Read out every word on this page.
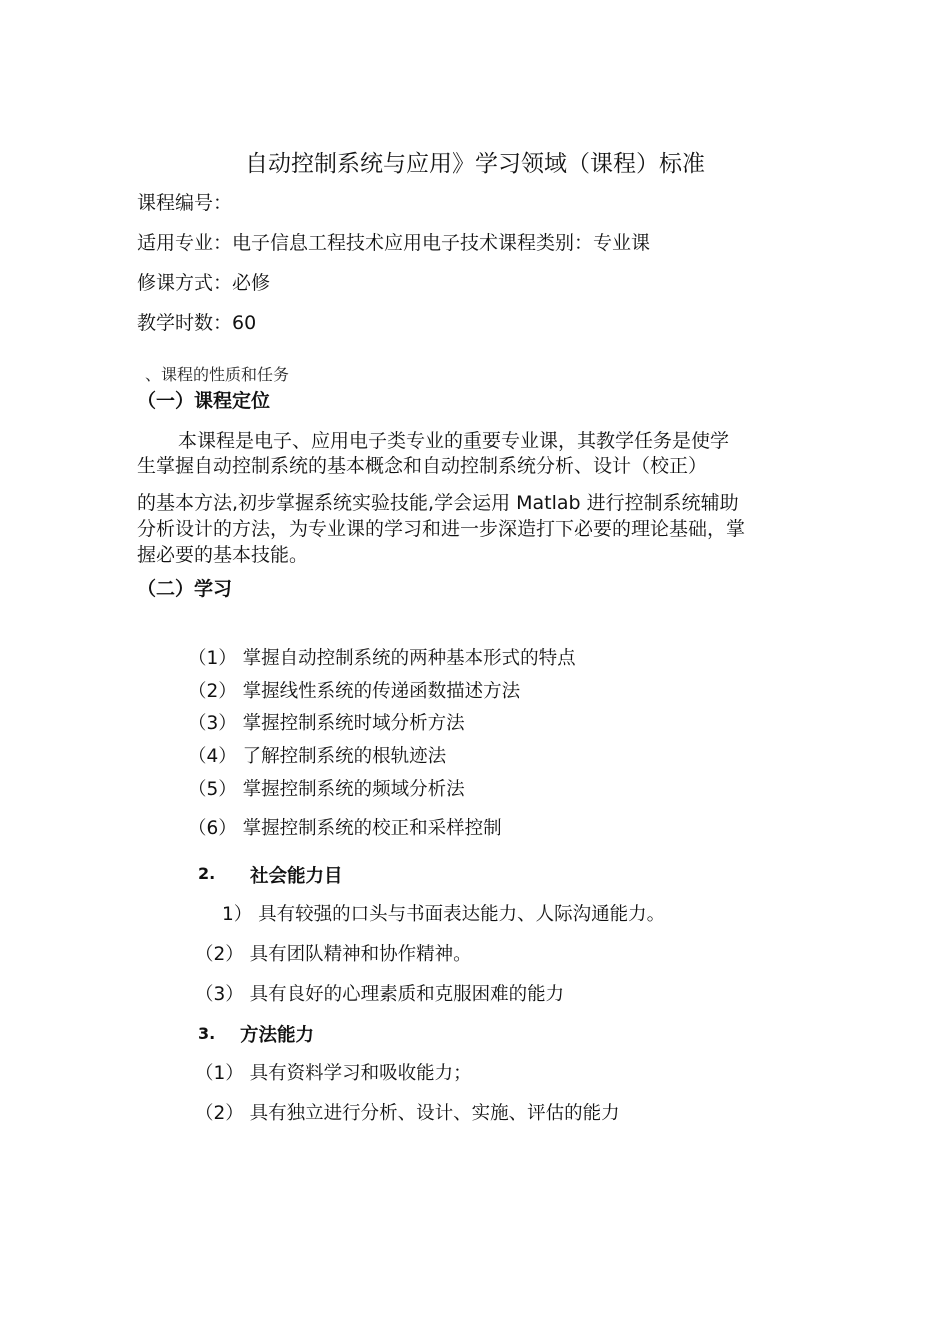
自动控制系统与应用》学习领域（课程）标准
课程编号：
适用专业：电子信息工程技术应用电子技术课程类别：专业课
修课方式：必修
教学时数：60
、课程的性质和任务
（一）课程定位
本课程是电子、应用电子类专业的重要专业课，其教学任务是使学
生掌握自动控制系统的基本概念和自动控制系统分析、设计（校正）
的基本方法,初步掌握系统实验技能,学会运用 Matlab 进行控制系统辅助
分析设计的方法，为专业课的学习和进一步深造打下必要的理论基础，掌
握必要的基本技能。
（二）学习
（1） 掌握自动控制系统的两种基本形式的特点
（2） 掌握线性系统的传递函数描述方法
（3） 掌握控制系统时域分析方法
（4） 了解控制系统的根轨迹法
（5） 掌握控制系统的频域分析法
（6） 掌握控制系统的校正和采样控制
2. 社会能力目
1） 具有较强的口头与书面表达能力、人际沟通能力。
（2） 具有团队精神和协作精神。
（3） 具有良好的心理素质和克服困难的能力
3. 方法能力
（1） 具有资料学习和吸收能力；
（2） 具有独立进行分析、设计、实施、评估的能力
